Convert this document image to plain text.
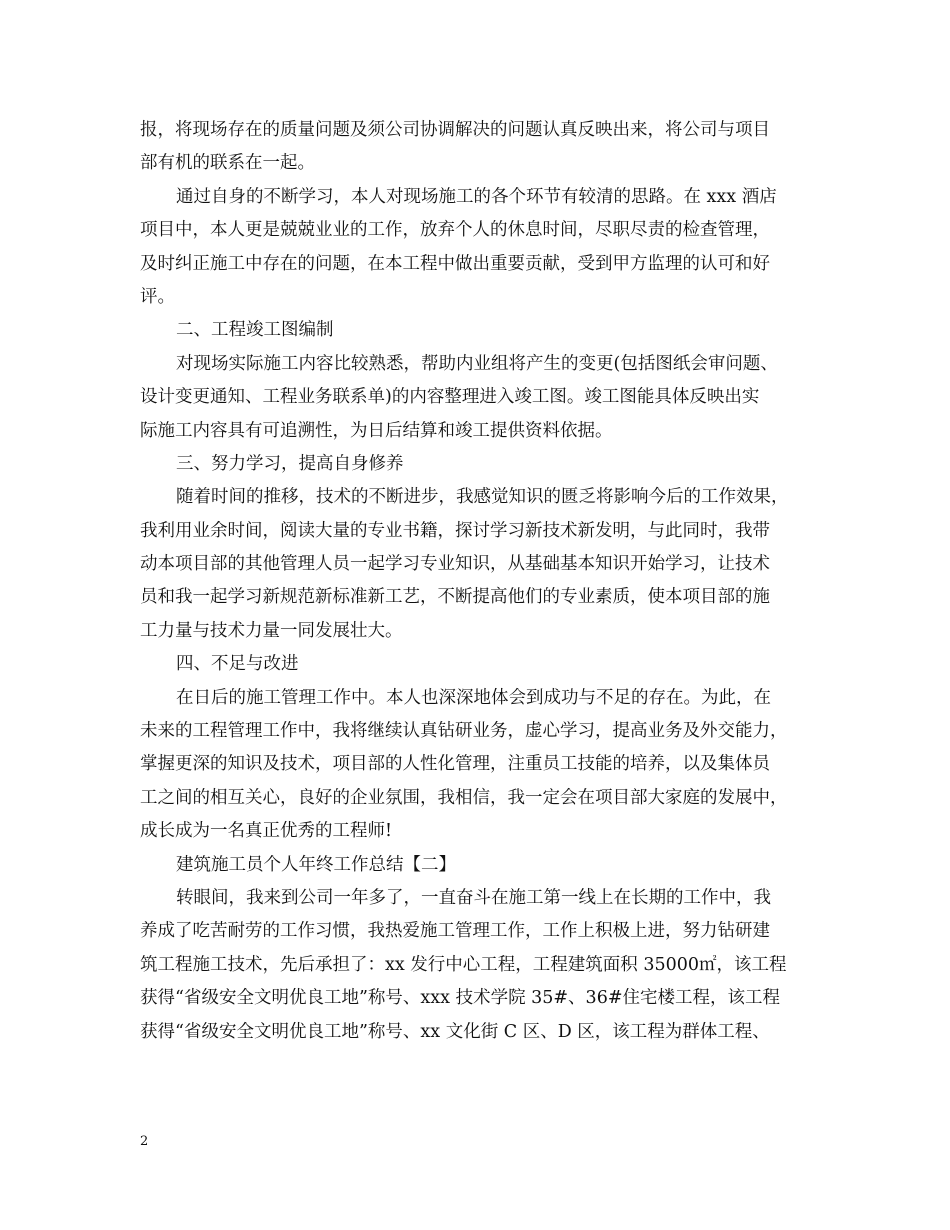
报，将现场存在的质量问题及须公司协调解决的问题认真反映出来，将公司与项目
部有机的联系在一起。
通过自身的不断学习，本人对现场施工的各个环节有较清的思路。在 xxx 酒店
项目中，本人更是兢兢业业的工作，放弃个人的休息时间，尽职尽责的检查管理，
及时纠正施工中存在的问题，在本工程中做出重要贡献，受到甲方监理的认可和好
评。
二、工程竣工图编制
对现场实际施工内容比较熟悉，帮助内业组将产生的变更(包括图纸会审问题、
设计变更通知、工程业务联系单)的内容整理进入竣工图。竣工图能具体反映出实
际施工内容具有可追溯性，为日后结算和竣工提供资料依据。
三、努力学习，提高自身修养
随着时间的推移，技术的不断进步，我感觉知识的匮乏将影响今后的工作效果，
我利用业余时间，阅读大量的专业书籍，探讨学习新技术新发明，与此同时，我带
动本项目部的其他管理人员一起学习专业知识，从基础基本知识开始学习，让技术
员和我一起学习新规范新标准新工艺，不断提高他们的专业素质，使本项目部的施
工力量与技术力量一同发展壮大。
四、不足与改进
在日后的施工管理工作中。本人也深深地体会到成功与不足的存在。为此，在
未来的工程管理工作中，我将继续认真钻研业务，虚心学习，提高业务及外交能力，
掌握更深的知识及技术，项目部的人性化管理，注重员工技能的培养，以及集体员
工之间的相互关心，良好的企业氛围，我相信，我一定会在项目部大家庭的发展中，
成长成为一名真正优秀的工程师!
建筑施工员个人年终工作总结【二】
转眼间，我来到公司一年多了，一直奋斗在施工第一线上在长期的工作中，我
养成了吃苦耐劳的工作习惯，我热爱施工管理工作，工作上积极上进，努力钻研建
筑工程施工技术，先后承担了：xx 发行中心工程，工程建筑面积 35000㎡，该工程
获得“省级安全文明优良工地”称号、xxx 技术学院 35#、36#住宅楼工程，该工程
获得“省级安全文明优良工地”称号、xx 文化街 C 区、D 区，该工程为群体工程、
2
